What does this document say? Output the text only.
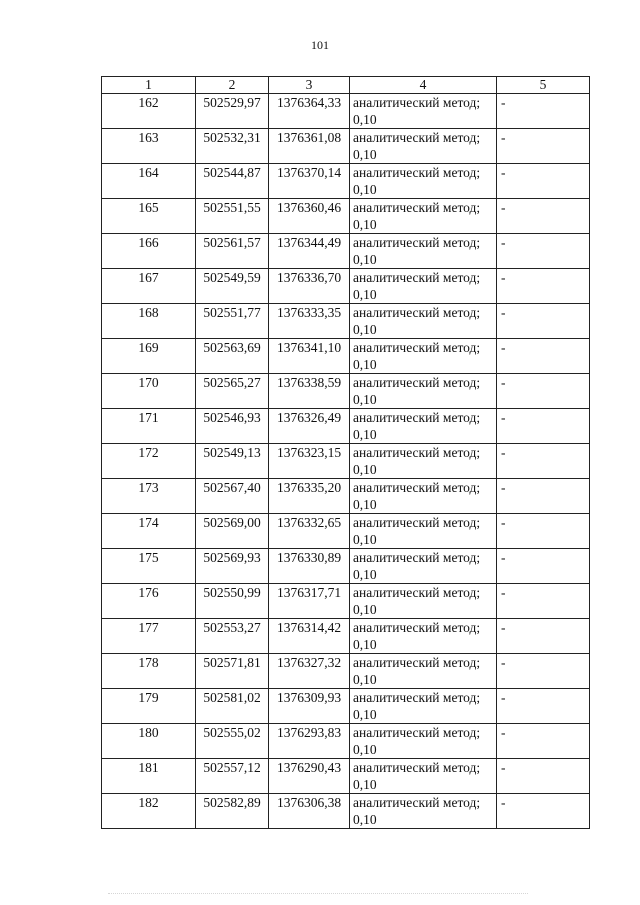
101
1	2	3	4	5
162	502529,97	1376364,33	аналитический метод; 0,10	-
163	502532,31	1376361,08	аналитический метод; 0,10	-
164	502544,87	1376370,14	аналитический метод; 0,10	-
165	502551,55	1376360,46	аналитический метод; 0,10	-
166	502561,57	1376344,49	аналитический метод; 0,10	-
167	502549,59	1376336,70	аналитический метод; 0,10	-
168	502551,77	1376333,35	аналитический метод; 0,10	-
169	502563,69	1376341,10	аналитический метод; 0,10	-
170	502565,27	1376338,59	аналитический метод; 0,10	-
171	502546,93	1376326,49	аналитический метод; 0,10	-
172	502549,13	1376323,15	аналитический метод; 0,10	-
173	502567,40	1376335,20	аналитический метод; 0,10	-
174	502569,00	1376332,65	аналитический метод; 0,10	-
175	502569,93	1376330,89	аналитический метод; 0,10	-
176	502550,99	1376317,71	аналитический метод; 0,10	-
177	502553,27	1376314,42	аналитический метод; 0,10	-
178	502571,81	1376327,32	аналитический метод; 0,10	-
179	502581,02	1376309,93	аналитический метод; 0,10	-
180	502555,02	1376293,83	аналитический метод; 0,10	-
181	502557,12	1376290,43	аналитический метод; 0,10	-
182	502582,89	1376306,38	аналитический метод; 0,10	-
